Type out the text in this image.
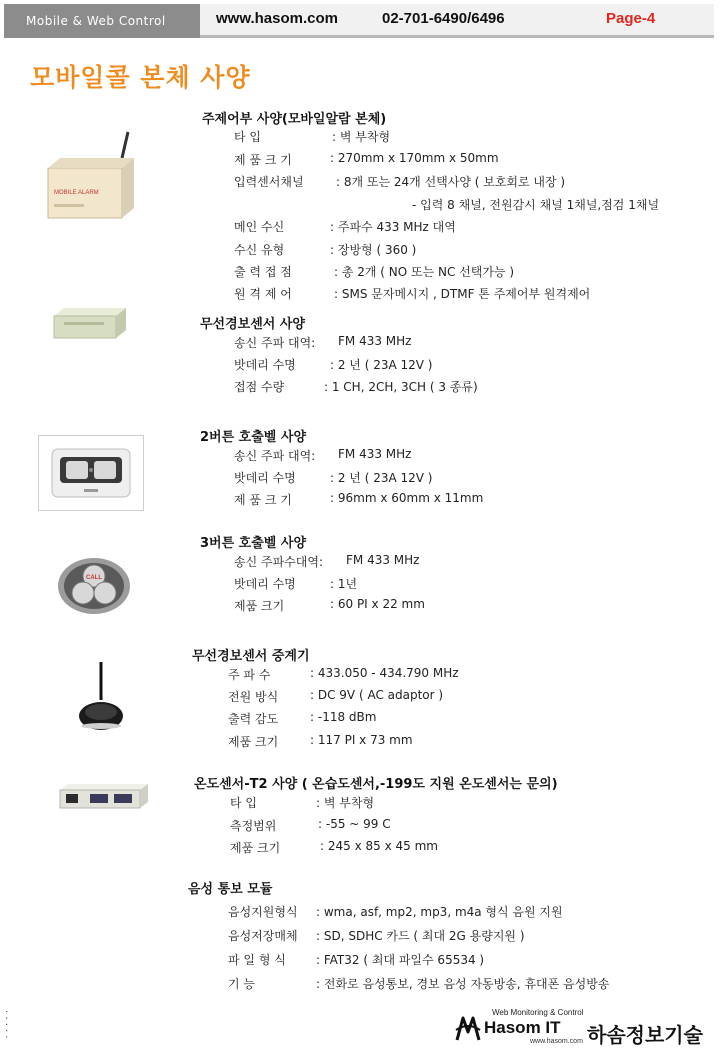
Mobile & Web Control	www.hasom.com	02-701-6490/6496	Page-4
모바일콜 본체 사양
MOBILE ALARM
주제어부 사양(모바일알람 본체)
타 입	: 벽 부착형
제 품 크 기	: 270mm x 170mm x 50mm
입력센서채널	: 8개 또는 24개 선택사양 ( 보호회로 내장 )
- 입력 8 채널, 전원감시 채널 1채널,점검 1채널
메인 수신	: 주파수 433 MHz 대역
수신 유형	: 장방형 ( 360 )
출 력 접 점	: 총 2개 ( NO 또는 NC 선택가능 )
원 격 제 어	: SMS 문자메시지 , DTMF 톤 주제어부 원격제어
무선경보센서 사양
송신 주파 대역: FM 433 MHz
밧데리 수명	: 2 년 ( 23A 12V )
접점 수량	: 1 CH, 2CH, 3CH ( 3 종류)
2버튼 호출벨 사양
송신 주파 대역: FM 433 MHz
밧데리 수명	: 2 년 ( 23A 12V )
제 품 크 기	: 96mm x 60mm x 11mm
CALL
3버튼 호출벨 사양
송신 주파수대역: FM 433 MHz
밧데리 수명	: 1년
제품 크기	: 60 PI x 22 mm
무선경보센서 중계기
주 파 수	: 433.050 - 434.790 MHz
전원 방식	: DC 9V ( AC adaptor )
출력 감도	: -118 dBm
제품 크기	: 117 PI x 73 mm
온도센서-T2 사양 ( 온습도센서,-199도 지원 온도센서는 문의)
타 입	: 벽 부착형
측정범위	: -55 ~ 99 C
제품 크기	: 245 x 85 x 45 mm
음성 통보 모듈
음성지원형식 : wma, asf, mp2, mp3, m4a 형식 음원 지원
음성저장매체 : SD, SDHC 카드 ( 최대 2G 용량지원 )
파 일 형 식	: FAT32 ( 최대 파일수 65534 )
기 능	: 전화로 음성통보, 경보 음성 자동방송, 휴대폰 음성방송
· · · · ·	Web Monitoring & Control
Hasom IT 하솜정보기술
www.hasom.com
